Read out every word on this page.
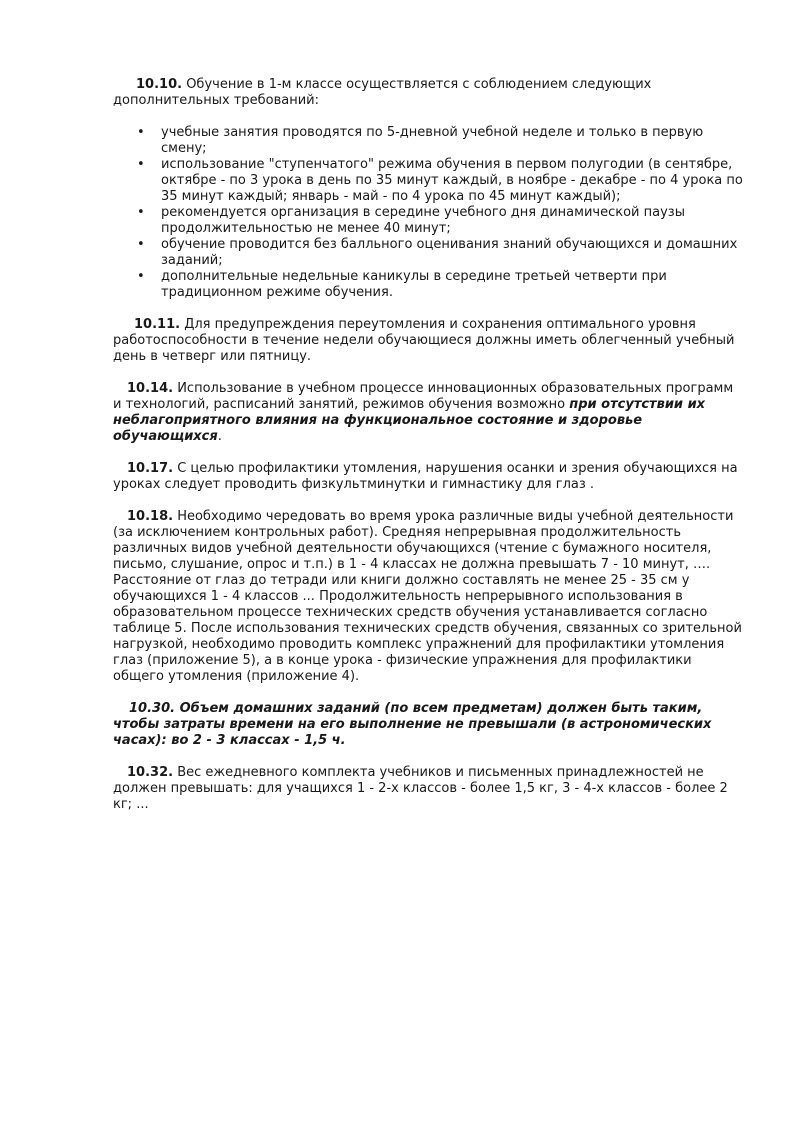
10.10. Обучение в 1-м классе осуществляется с соблюдением следующих дополнительных требований:

• учебные занятия проводятся по 5-дневной учебной неделе и только в первую смену;
• использование "ступенчатого" режима обучения в первом полугодии (в сентябре, октябре - по 3 урока в день по 35 минут каждый, в ноябре - декабре - по 4 урока по 35 минут каждый; январь - май - по 4 урока по 45 минут каждый);
• рекомендуется организация в середине учебного дня динамической паузы продолжительностью не менее 40 минут;
• обучение проводится без балльного оценивания знаний обучающихся и домашних заданий;
• дополнительные недельные каникулы в середине третьей четверти при традиционном режиме обучения.

10.11. Для предупреждения переутомления и сохранения оптимального уровня работоспособности в течение недели обучающиеся должны иметь облегченный учебный день в четверг или пятницу.

10.14. Использование в учебном процессе инновационных образовательных программ и технологий, расписаний занятий, режимов обучения возможно при отсутствии их неблагоприятного влияния на функциональное состояние и здоровье обучающихся.

10.17. С целью профилактики утомления, нарушения осанки и зрения обучающихся на уроках следует проводить физкультминутки и гимнастику для глаз .

10.18. Необходимо чередовать во время урока различные виды учебной деятельности (за исключением контрольных работ). Средняя непрерывная продолжительность различных видов учебной деятельности обучающихся (чтение с бумажного носителя, письмо, слушание, опрос и т.п.) в 1 - 4 классах не должна превышать 7 - 10 минут, …. Расстояние от глаз до тетради или книги должно составлять не менее 25 - 35 см у обучающихся 1 - 4 классов ... Продолжительность непрерывного использования в образовательном процессе технических средств обучения устанавливается согласно таблице 5. После использования технических средств обучения, связанных со зрительной нагрузкой, необходимо проводить комплекс упражнений для профилактики утомления глаз (приложение 5), а в конце урока - физические упражнения для профилактики общего утомления (приложение 4).

10.30. Объем домашних заданий (по всем предметам) должен быть таким, чтобы затраты времени на его выполнение не превышали (в астрономических часах): во 2 - 3 классах - 1,5 ч.

10.32. Вес ежедневного комплекта учебников и письменных принадлежностей не должен превышать: для учащихся 1 - 2-х классов - более 1,5 кг, 3 - 4-х классов - более 2 кг; ...
